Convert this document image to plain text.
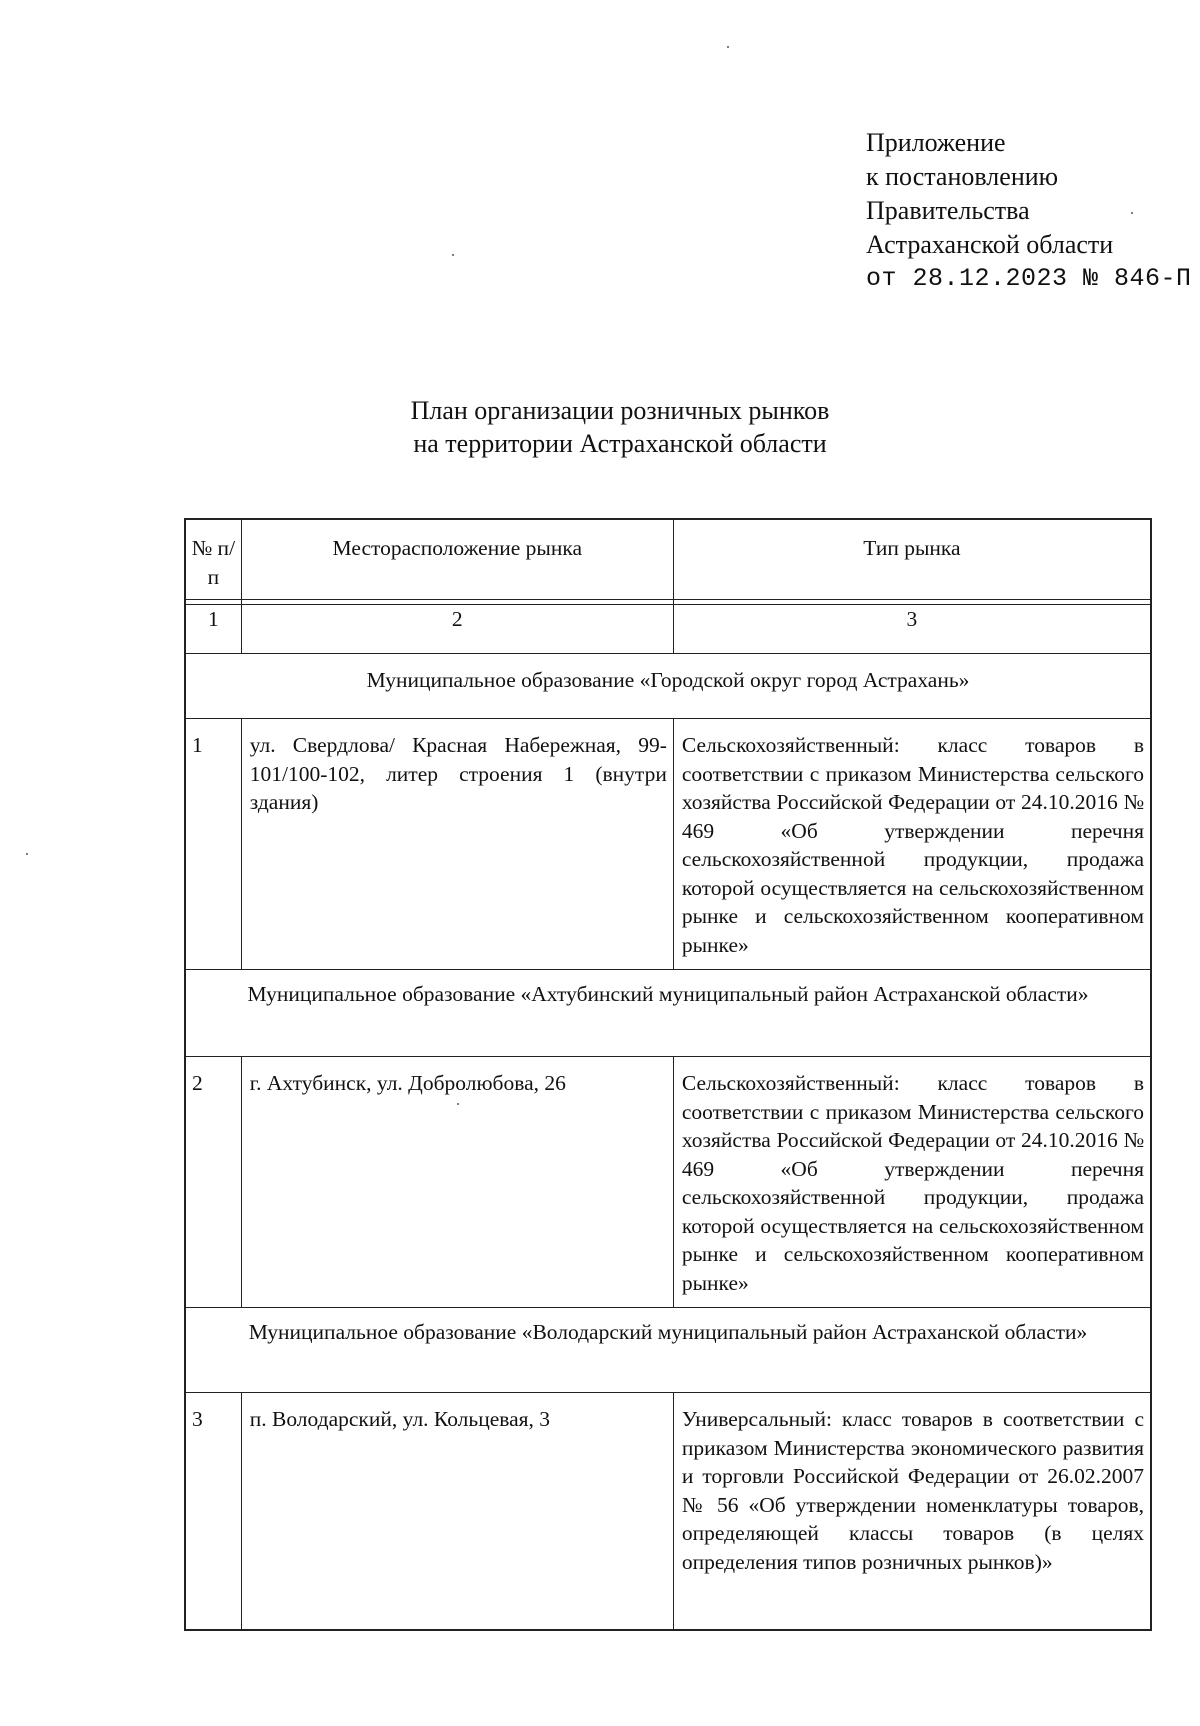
Приложение
к постановлению
Правительства
Астраханской области
от 28.12.2023 № 846-П
План организации розничных рынков
на территории Астраханской области
№ п/п	Месторасположение рынка	Тип рынка

1	2	3
Муниципальное образование «Городской округ город Астрахань»		
1	ул. Свердлова/ Красная Набережная, 99-101/100-102, литер строения 1 (внутри здания)	Сельскохозяйственный: класс товаров в соответствии с приказом Министерства сельского хозяйства Российской Федерации от 24.10.2016 № 469 «Об утверждении перечня сельскохозяйственной продукции, продажа которой осуществляется на сельскохозяйственном рынке и сельскохозяйственном кооперативном рынке»
Муниципальное образование «Ахтубинский муниципальный район Астраханской области»		
2	г. Ахтубинск, ул. Добролюбова, 26	Сельскохозяйственный: класс товаров в соответствии с приказом Министерства сельского хозяйства Российской Федерации от 24.10.2016 № 469 «Об утверждении перечня сельскохозяйственной продукции, продажа которой осуществляется на сельскохозяйственном рынке и сельскохозяйственном кооперативном рынке»
Муниципальное образование «Володарский муниципальный район Астраханской области»		
3	п. Володарский, ул. Кольцевая, 3	Универсальный: класс товаров в соответствии с приказом Министерства экономического развития и торговли Российской Федерации от 26.02.2007 № 56 «Об утверждении номенклатуры товаров, определяющей классы товаров (в целях определения типов розничных рынков)»
